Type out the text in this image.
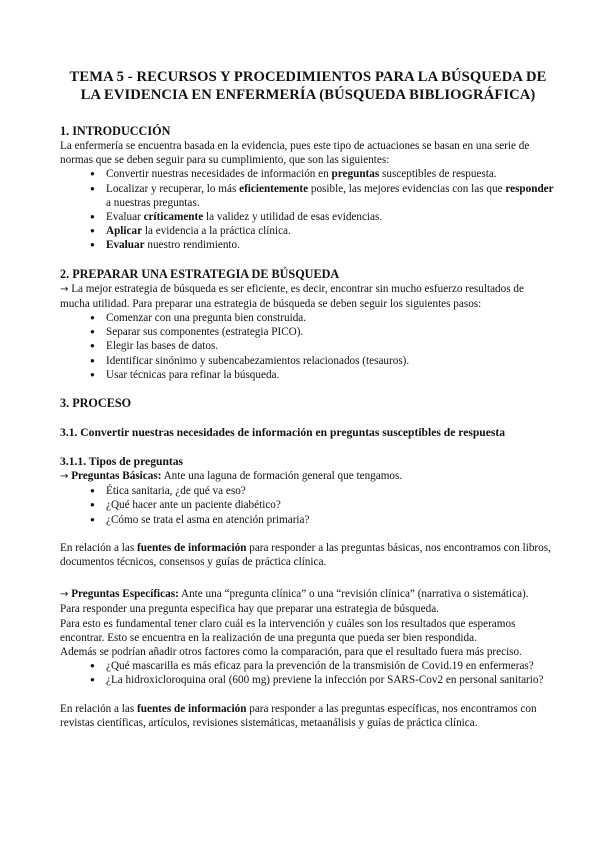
TEMA 5 - RECURSOS Y PROCEDIMIENTOS PARA LA BÚSQUEDA DE LA EVIDENCIA EN ENFERMERÍA (BÚSQUEDA BIBLIOGRÁFICA)
1. INTRODUCCIÓN

La enfermería se encuentra basada en la evidencia, pues este tipo de actuaciones se basan en una serie de normas que se deben seguir para su cumplimiento, que son las siguientes:

● Convertir nuestras necesidades de información en preguntas susceptibles de respuesta.
● Localizar y recuperar, lo más eficientemente posible, las mejores evidencias con las que responder a nuestras preguntas.
● Evaluar críticamente la validez y utilidad de esas evidencias.
● Aplicar la evidencia a la práctica clínica.
● Evaluar nuestro rendimiento.
2. PREPARAR UNA ESTRATEGIA DE BÚSQUEDA

→ La mejor estrategia de búsqueda es ser eficiente, es decir, encontrar sin mucho esfuerzo resultados de mucha utilidad. Para preparar una estrategia de búsqueda se deben seguir los siguientes pasos:

● Comenzar con una pregunta bien construida.
● Separar sus componentes (estrategia PICO).
● Elegir las bases de datos.
● Identificar sinónimo y subencabezamientos relacionados (tesauros).
● Usar técnicas para refinar la búsqueda.
3. PROCESO
3.1. Convertir nuestras necesidades de información en preguntas susceptibles de respuesta
3.1.1. Tipos de preguntas

→ Preguntas Básicas: Ante una laguna de formación general que tengamos.

● Ética sanitaria, ¿de qué va eso?
● ¿Qué hacer ante un paciente diabético?
● ¿Cómo se trata el asma en atención primaria?

En relación a las fuentes de información para responder a las preguntas básicas, nos encontramos con libros, documentos técnicos, consensos y guías de práctica clínica.

→ Preguntas Específicas: Ante una “pregunta clínica” o una “revisión clínica” (narrativa o sistemática).

Para responder una pregunta especifica hay que preparar una estrategia de búsqueda.

Para esto es fundamental tener claro cuál es la intervención y cuáles son los resultados que esperamos encontrar. Esto se encuentra en la realización de una pregunta que pueda ser bien respondida.

Además se podrían añadir otros factores como la comparación, para que el resultado fuera más preciso.

● ¿Qué mascarilla es más eficaz para la prevención de la transmisión de Covid.19 en enfermeras?
● ¿La hidroxicloroquina oral (600 mg) previene la infección por SARS-Cov2 en personal sanitario?

En relación a las fuentes de información para responder a las preguntas específicas, nos encontramos con revistas científicas, artículos, revisiones sistemáticas, metaanálisis y guías de práctica clínica.
